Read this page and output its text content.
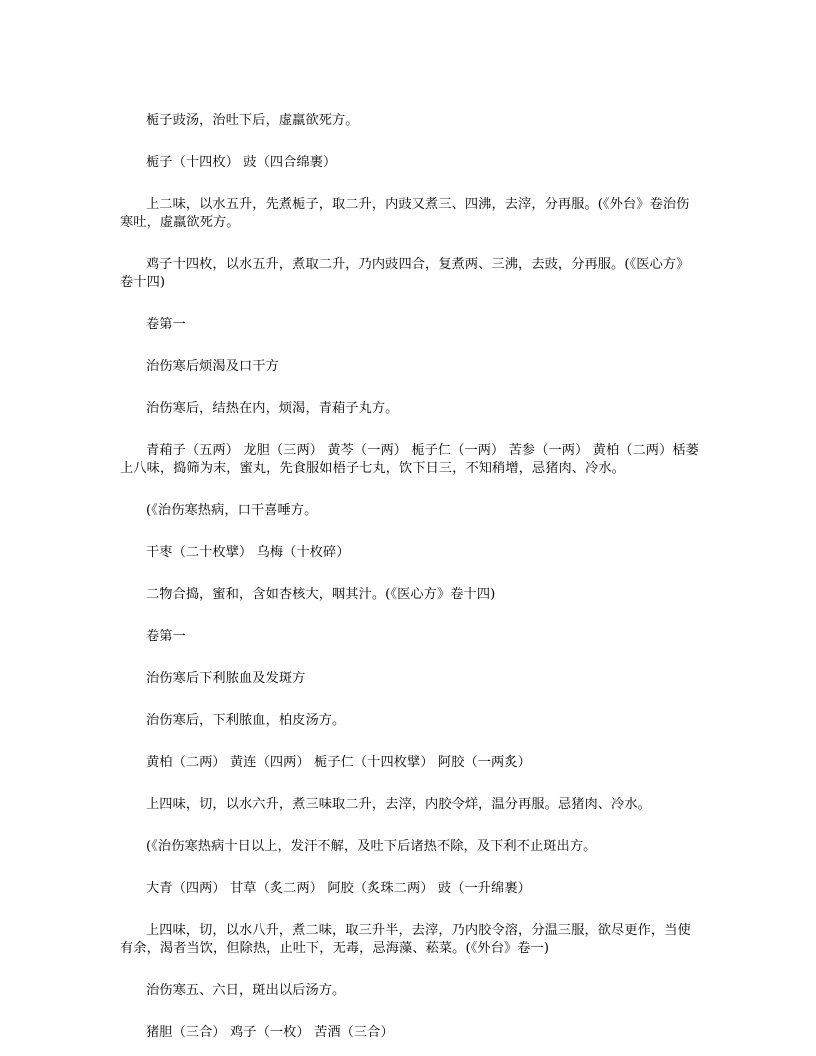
栀子豉汤，治吐下后，虚羸欲死方。

栀子（十四枚） 豉（四合绵裹）

上二味，以水五升，先煮栀子，取二升，内豉又煮三、四沸，去滓，分再服。(《外台》卷治伤寒吐，虚羸欲死方。

鸡子十四枚，以水五升，煮取二升，乃内豉四合，复煮两、三沸，去豉，分再服。(《医心方》卷十四)

卷第一

治伤寒后烦渴及口干方

治伤寒后，结热在内，烦渴，青葙子丸方。

青葙子（五两） 龙胆（三两） 黄芩（一两） 栀子仁（一两） 苦参（一两） 黄柏（二两）栝蒌上八味，捣筛为末，蜜丸，先食服如梧子七丸，饮下日三，不知稍增，忌猪肉、冷水。

(《治伤寒热病，口干喜唾方。

干枣（二十枚擘） 乌梅（十枚碎）

二物合捣，蜜和，含如杏核大，咽其汁。(《医心方》卷十四)

卷第一

治伤寒后下利脓血及发斑方

治伤寒后，下利脓血，柏皮汤方。

黄柏（二两） 黄连（四两） 栀子仁（十四枚擘） 阿胶（一两炙）

上四味，切，以水六升，煮三味取二升，去滓，内胶令烊，温分再服。忌猪肉、冷水。

(《治伤寒热病十日以上，发汗不解，及吐下后诸热不除，及下利不止斑出方。

大青（四两） 甘草（炙二两） 阿胶（炙珠二两） 豉（一升绵裹）

上四味，切，以水八升，煮二味，取三升半，去滓，乃内胶令溶，分温三服，欲尽更作，当使有余，渴者当饮，但除热，止吐下，无毒，忌海藻、菘菜。(《外台》卷一)

治伤寒五、六日，斑出以后汤方。

猪胆（三合） 鸡子（一枚） 苦酒（三合）
